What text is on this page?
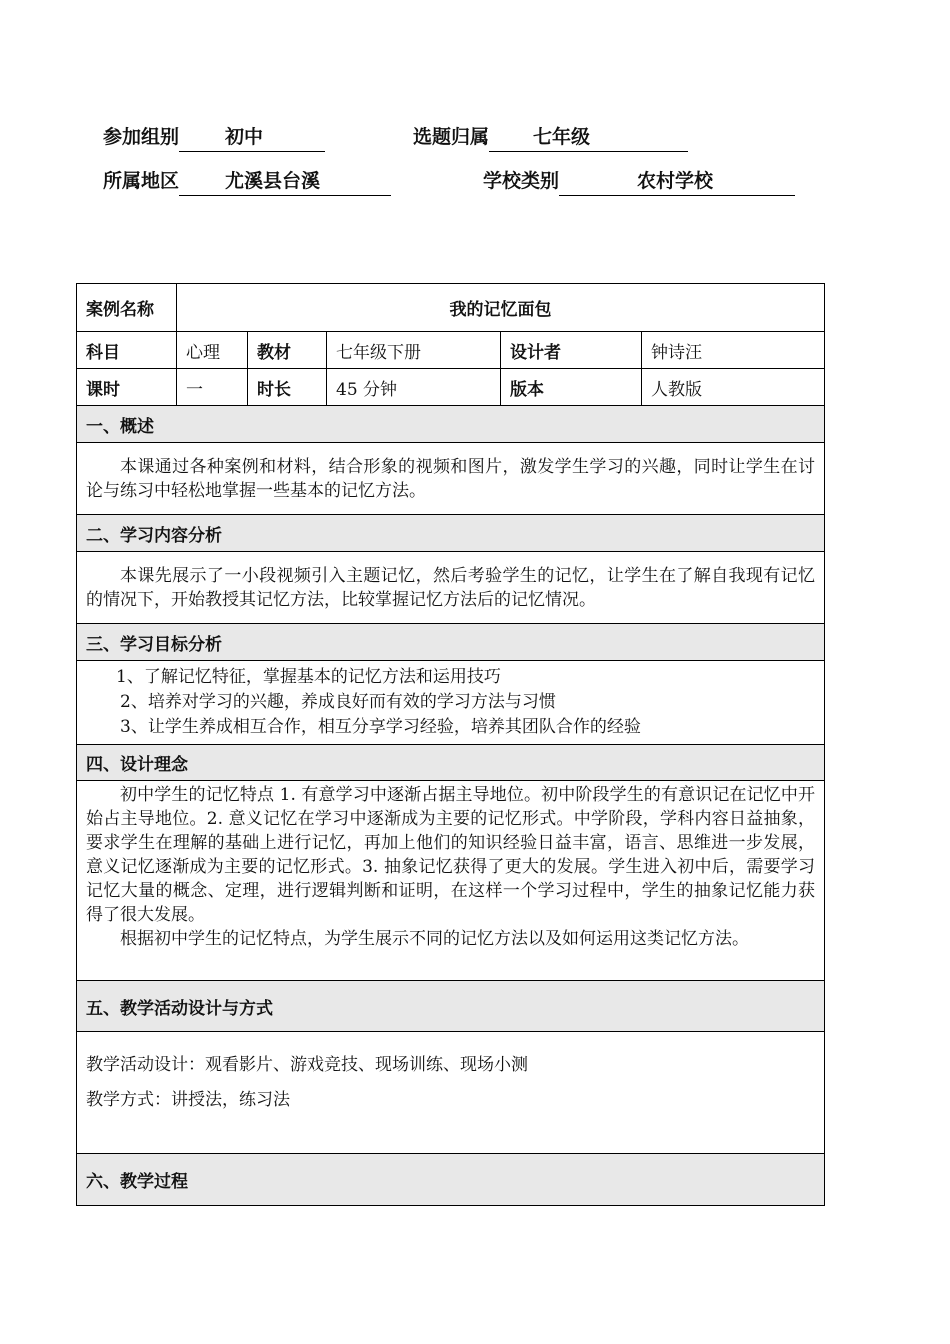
参加组别 初中	选题归属 七年级
所属地区 尤溪县台溪	学校类别	农村学校
案例名称	我的记忆面包				
科目	心理	教材	七年级下册	设计者	钟诗汪
课时	一	时长	45 分钟	版本	人教版
一、概述					

本课通过各种案例和材料，结合形象的视频和图片，激发学生学习的兴趣，同时让学生在讨论与练习中轻松地掌握一些基本的记忆方法。					

二、学习内容分析					

本课先展示了一小段视频引入主题记忆，然后考验学生的记忆，让学生在了解自我现有记忆的情况下，开始教授其记忆方法，比较掌握记忆方法后的记忆情况。					

三、学习目标分析					

1、了解记忆特征，掌握基本的记忆方法和运用技巧

2、培养对学习的兴趣，养成良好而有效的学习方法与习惯

3、让学生养成相互合作，相互分享学习经验，培养其团队合作的经验					

四、设计理念					

初中学生的记忆特点 1. 有意学习中逐渐占据主导地位。初中阶段学生的有意识记在记忆中开始占主导地位。2. 意义记忆在学习中逐渐成为主要的记忆形式。中学阶段，学科内容日益抽象，要求学生在理解的基础上进行记忆，再加上他们的知识经验日益丰富，语言、思维进一步发展，意义记忆逐渐成为主要的记忆形式。3. 抽象记忆获得了更大的发展。学生进入初中后，需要学习记忆大量的概念、定理，进行逻辑判断和证明，在这样一个学习过程中，学生的抽象记忆能力获得了很大发展。

根据初中学生的记忆特点，为学生展示不同的记忆方法以及如何运用这类记忆方法。					

五、教学活动设计与方式					

教学活动设计：观看影片、游戏竞技、现场训练、现场小测

教学方式：讲授法，练习法					

六、教学过程					
